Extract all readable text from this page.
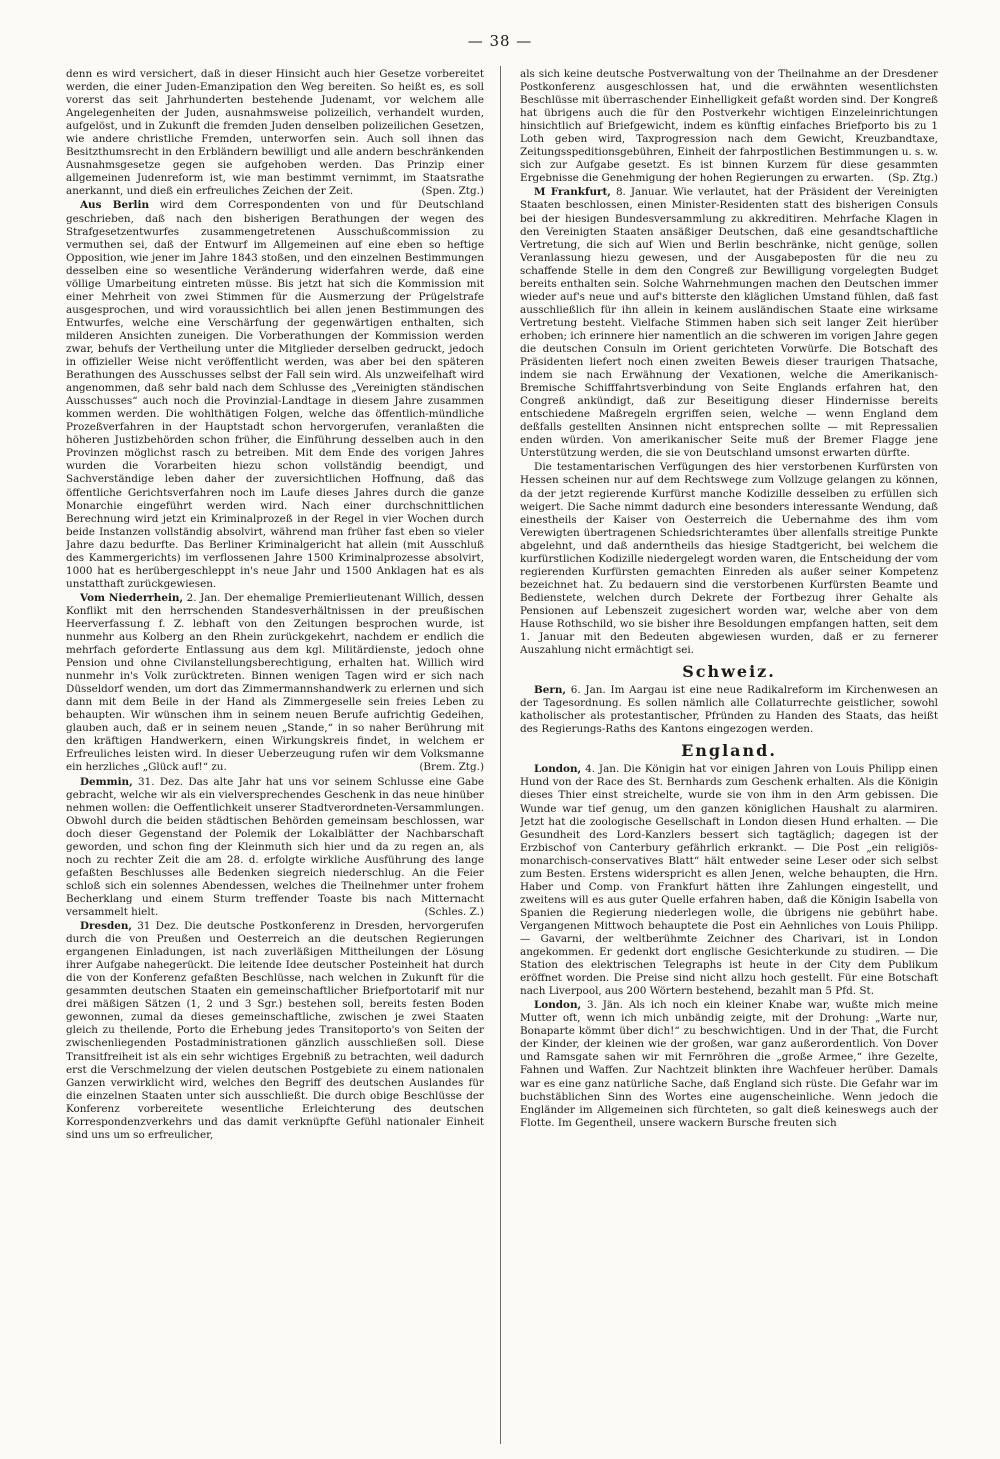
— 38 —

denn es wird versichert, daß in dieser Hinsicht auch hier Gesetze vorbereitet werden, die einer Juden-Emanzipation den Weg bereiten. So heißt es, es soll vorerst das seit Jahrhunderten bestehende Judenamt, vor welchem alle Angelegenheiten der Juden, ausnahmsweise polizeilich, verhandelt wurden, aufgelöst, und in Zukunft die fremden Juden denselben polizeilichen Gesetzen, wie andere christliche Fremden, unterworfen sein. Auch soll ihnen das Besitzthumsrecht in den Erbländern bewilligt und alle andern beschränkenden Ausnahmsgesetze gegen sie aufgehoben werden. Das Prinzip einer allgemeinen Judenreform ist, wie man bestimmt vernimmt, im Staatsrathe anerkannt, und dieß ein erfreuliches Zeichen der Zeit.	(Spen. Ztg.)

Aus Berlin wird dem Correspondenten von und für Deutschland geschrieben, daß nach den bisherigen Berathungen der wegen des Strafgesetzentwurfes zusammengetretenen Ausschußcommission zu vermuthen sei, daß der Entwurf im Allgemeinen auf eine eben so heftige Opposition, wie jener im Jahre 1843 stoßen, und den einzelnen Bestimmungen desselben eine so wesentliche Veränderung widerfahren werde, daß eine völlige Umarbeitung eintreten müsse. Bis jetzt hat sich die Kommission mit einer Mehrheit von zwei Stimmen für die Ausmerzung der Prügelstrafe ausgesprochen, und wird voraussichtlich bei allen jenen Bestimmungen des Entwurfes, welche eine Verschärfung der gegenwärtigen enthalten, sich milderen Ansichten zuneigen. Die Vorberathungen der Kommission werden zwar, behufs der Vertheilung unter die Mitglieder derselben gedruckt, jedoch in offizieller Weise nicht veröffentlicht werden, was aber bei den späteren Berathungen des Ausschusses selbst der Fall sein wird. Als unzweifelhaft wird angenommen, daß sehr bald nach dem Schlusse des „Vereinigten ständischen Ausschusses“ auch noch die Provinzial-Landtage in diesem Jahre zusammen kommen werden. Die wohlthätigen Folgen, welche das öffentlich-mündliche Prozeßverfahren in der Hauptstadt schon hervorgerufen, veranlaßten die höheren Justizbehörden schon früher, die Einführung desselben auch in den Provinzen möglichst rasch zu betreiben. Mit dem Ende des vorigen Jahres wurden die Vorarbeiten hiezu schon vollständig beendigt, und Sachverständige leben daher der zuversichtlichen Hoffnung, daß das öffentliche Gerichtsverfahren noch im Laufe dieses Jahres durch die ganze Monarchie eingeführt werden wird. Nach einer durchschnittlichen Berechnung wird jetzt ein Kriminalprozeß in der Regel in vier Wochen durch beide Instanzen vollständig absolvirt, während man früher fast eben so vieler Jahre dazu bedurfte. Das Berliner Kriminalgericht hat allein (mit Ausschluß des Kammergerichts) im verflossenen Jahre 1500 Kriminalprozesse absolvirt, 1000 hat es herübergeschleppt in's neue Jahr und 1500 Anklagen hat es als unstatthaft zurückgewiesen.

Vom Niederrhein, 2. Jan. Der ehemalige Premierlieutenant Willich, dessen Konflikt mit den herrschenden Standesverhältnissen in der preußischen Heerverfassung f. Z. lebhaft von den Zeitungen besprochen wurde, ist nunmehr aus Kolberg an den Rhein zurückgekehrt, nachdem er endlich die mehrfach geforderte Entlassung aus dem kgl. Militärdienste, jedoch ohne Pension und ohne Civilanstellungsberechtigung, erhalten hat. Willich wird nunmehr in's Volk zurücktreten. Binnen wenigen Tagen wird er sich nach Düsseldorf wenden, um dort das Zimmermannshandwerk zu erlernen und sich dann mit dem Beile in der Hand als Zimmergeselle sein freies Leben zu behaupten. Wir wünschen ihm in seinem neuen Berufe aufrichtig Gedeihen, glauben auch, daß er in seinem neuen „Stande,“ in so naher Berührung mit den kräftigen Handwerkern, einen Wirkungskreis findet, in welchem er Erfreuliches leisten wird. In dieser Ueberzeugung rufen wir dem Volksmanne ein herzliches „Glück auf!“ zu.	(Brem. Ztg.)

Demmin, 31. Dez. Das alte Jahr hat uns vor seinem Schlusse eine Gabe gebracht, welche wir als ein vielversprechendes Geschenk in das neue hinüber nehmen wollen: die Oeffentlichkeit unserer Stadtverordneten-Versammlungen. Obwohl durch die beiden städtischen Behörden gemeinsam beschlossen, war doch dieser Gegenstand der Polemik der Lokalblätter der Nachbarschaft geworden, und schon fing der Kleinmuth sich hier und da zu regen an, als noch zu rechter Zeit die am 28. d. erfolgte wirkliche Ausführung des lange gefaßten Beschlusses alle Bedenken siegreich niederschlug. An die Feier schloß sich ein solennes Abendessen, welches die Theilnehmer unter frohem Becherklang und einem Sturm treffender Toaste bis nach Mitternacht versammelt hielt.	(Schles. Z.)

Dresden, 31 Dez. Die deutsche Postkonferenz in Dresden, hervorgerufen durch die von Preußen und Oesterreich an die deutschen Regierungen ergangenen Einladungen, ist nach zuverläßigen Mittheilungen der Lösung ihrer Aufgabe nahegerückt. Die leitende Idee deutscher Posteinheit hat durch die von der Konferenz gefaßten Beschlüsse, nach welchen in Zukunft für die gesammten deutschen Staaten ein gemeinschaftlicher Briefportotarif mit nur drei mäßigen Sätzen (1, 2 und 3 Sgr.) bestehen soll, bereits festen Boden gewonnen, zumal da dieses gemeinschaftliche, zwischen je zwei Staaten gleich zu theilende, Porto die Erhebung jedes Transitoporto's von Seiten der zwischenliegenden Postadministrationen gänzlich ausschließen soll. Diese Transitfreiheit ist als ein sehr wichtiges Ergebniß zu betrachten, weil dadurch erst die Verschmelzung der vielen deutschen Postgebiete zu einem nationalen Ganzen verwirklicht wird, welches den Begriff des deutschen Auslandes für die einzelnen Staaten unter sich ausschließt. Die durch obige Beschlüsse der Konferenz vorbereitete wesentliche Erleichterung des deutschen Korrespondenzverkehrs und das damit verknüpfte Gefühl nationaler Einheit sind uns um so erfreulicher,

als sich keine deutsche Postverwaltung von der Theilnahme an der Dresdener Postkonferenz ausgeschlossen hat, und die erwähnten wesentlichsten Beschlüsse mit überraschender Einhelligkeit gefaßt worden sind. Der Kongreß hat übrigens auch die für den Postverkehr wichtigen Einzeleinrichtungen hinsichtlich auf Briefgewicht, indem es künftig einfaches Briefporto bis zu 1 Loth geben wird, Taxprogression nach dem Gewicht, Kreuzbandtaxe, Zeitungsspeditionsgebühren, Einheit der fahrpostlichen Bestimmungen u. s. w. sich zur Aufgabe gesetzt. Es ist binnen Kurzem für diese gesammten Ergebnisse die Genehmigung der hohen Regierungen zu erwarten.	(Sp. Ztg.)

M Frankfurt, 8. Januar. Wie verlautet, hat der Präsident der Vereinigten Staaten beschlossen, einen Minister-Residenten statt des bisherigen Consuls bei der hiesigen Bundesversammlung zu akkreditiren. Mehrfache Klagen in den Vereinigten Staaten ansäßiger Deutschen, daß eine gesandtschaftliche Vertretung, die sich auf Wien und Berlin beschränke, nicht genüge, sollen Veranlassung hiezu gewesen, und der Ausgabeposten für die neu zu schaffende Stelle in dem den Congreß zur Bewilligung vorgelegten Budget bereits enthalten sein. Solche Wahrnehmungen machen den Deutschen immer wieder auf's neue und auf's bitterste den kläglichen Umstand fühlen, daß fast ausschließlich für ihn allein in keinem ausländischen Staate eine wirksame Vertretung besteht. Vielfache Stimmen haben sich seit langer Zeit hierüber erhoben; ich erinnere hier namentlich an die schweren im vorigen Jahre gegen die deutschen Consuln im Orient gerichteten Vorwürfe. Die Botschaft des Präsidenten liefert noch einen zweiten Beweis dieser traurigen Thatsache, indem sie nach Erwähnung der Vexationen, welche die Amerikanisch-Bremische Schifffahrtsverbindung von Seite Englands erfahren hat, den Congreß ankündigt, daß zur Beseitigung dieser Hindernisse bereits entschiedene Maßregeln ergriffen seien, welche — wenn England dem deßfalls gestellten Ansinnen nicht entsprechen sollte — mit Repressalien enden würden. Von amerikanischer Seite muß der Bremer Flagge jene Unterstützung werden, die sie von Deutschland umsonst erwarten dürfte.

Die testamentarischen Verfügungen des hier verstorbenen Kurfürsten von Hessen scheinen nur auf dem Rechtswege zum Vollzuge gelangen zu können, da der jetzt regierende Kurfürst manche Kodizille desselben zu erfüllen sich weigert. Die Sache nimmt dadurch eine besonders interessante Wendung, daß einestheils der Kaiser von Oesterreich die Uebernahme des ihm vom Verewigten übertragenen Schiedsrichteramtes über allenfalls streitige Punkte abgelehnt, und daß anderntheils das hiesige Stadtgericht, bei welchem die kurfürstlichen Kodizille niedergelegt worden waren, die Entscheidung der vom regierenden Kurfürsten gemachten Einreden als außer seiner Kompetenz bezeichnet hat. Zu bedauern sind die verstorbenen Kurfürsten Beamte und Bedienstete, welchen durch Dekrete der Fortbezug ihrer Gehalte als Pensionen auf Lebenszeit zugesichert worden war, welche aber von dem Hause Rothschild, wo sie bisher ihre Besoldungen empfangen hatten, seit dem 1. Januar mit den Bedeuten abgewiesen wurden, daß er zu fernerer Auszahlung nicht ermächtigt sei.

Schweiz.

Bern, 6. Jan. Im Aargau ist eine neue Radikalreform im Kirchenwesen an der Tagesordnung. Es sollen nämlich alle Collaturrechte geistlicher, sowohl katholischer als protestantischer, Pfründen zu Handen des Staats, das heißt des Regierungs-Raths des Kantons eingezogen werden.

England.

London, 4. Jan. Die Königin hat vor einigen Jahren von Louis Philipp einen Hund von der Race des St. Bernhards zum Geschenk erhalten. Als die Königin dieses Thier einst streichelte, wurde sie von ihm in den Arm gebissen. Die Wunde war tief genug, um den ganzen königlichen Haushalt zu alarmiren. Jetzt hat die zoologische Gesellschaft in London diesen Hund erhalten. — Die Gesundheit des Lord-Kanzlers bessert sich tagtäglich; dagegen ist der Erzbischof von Canterbury gefährlich erkrankt. — Die Post „ein religiös-monarchisch-conservatives Blatt“ hält entweder seine Leser oder sich selbst zum Besten. Erstens widerspricht es allen Jenen, welche behaupten, die Hrn. Haber und Comp. von Frankfurt hätten ihre Zahlungen eingestellt, und zweitens will es aus guter Quelle erfahren haben, daß die Königin Isabella von Spanien die Regierung niederlegen wolle, die übrigens nie gebührt habe. Vergangenen Mittwoch behauptete die Post ein Aehnliches von Louis Philipp. — Gavarni, der weltberühmte Zeichner des Charivari, ist in London angekommen. Er gedenkt dort englische Gesichterkunde zu studiren. — Die Station des elektrischen Telegraphs ist heute in der City dem Publikum eröffnet worden. Die Preise sind nicht allzu hoch gestellt. Für eine Botschaft nach Liverpool, aus 200 Wörtern bestehend, bezahlt man 5 Pfd. St.

London, 3. Jän. Als ich noch ein kleiner Knabe war, wußte mich meine Mutter oft, wenn ich mich unbändig zeigte, mit der Drohung: „Warte nur, Bonaparte kömmt über dich!“ zu beschwichtigen. Und in der That, die Furcht der Kinder, der kleinen wie der großen, war ganz außerordentlich. Von Dover und Ramsgate sahen wir mit Fernröhren die „große Armee,“ ihre Gezelte, Fahnen und Waffen. Zur Nachtzeit blinkten ihre Wachfeuer herüber. Damals war es eine ganz natürliche Sache, daß England sich rüste. Die Gefahr war im buchstäblichen Sinn des Wortes eine augenscheinliche. Wenn jedoch die Engländer im Allgemeinen sich fürchteten, so galt dieß keineswegs auch der Flotte. Im Gegentheil, unsere wackern Bursche freuten sich
